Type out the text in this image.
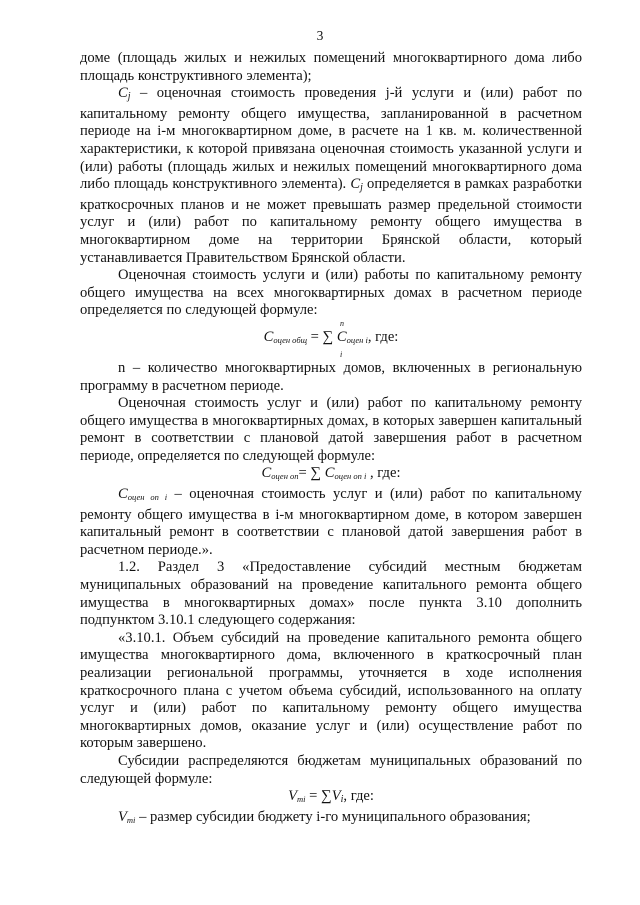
3

доме (площадь жилых и нежилых помещений многоквартирного дома либо площадь конструктивного элемента);

Cj – оценочная стоимость проведения j-й услуги и (или) работ по капитальному ремонту общего имущества, запланированной в расчетном периоде на i-м многоквартирном доме, в расчете на 1 кв. м. количественной характеристики, к которой привязана оценочная стоимость указанной услуги и (или) работы (площадь жилых и нежилых помещений многоквартирного дома либо площадь конструктивного элемента). Cj определяется в рамках разработки краткосрочных планов и не может превышать размер предельной стоимости услуг и (или) работ по капитальному ремонту общего имущества в многоквартирном доме на территории Брянской области, который устанавливается Правительством Брянской области.

Оценочная стоимость услуги и (или) работы по капитальному ремонту общего имущества на всех многоквартирных домах в расчетном периоде определяется по следующей формуле:

n
$C_{оцен общ}$ = ∑ $C_{оцен i}$, где:
i

n – количество многоквартирных домов, включенных в региональную программу в расчетном периоде.

Оценочная стоимость услуг и (или) работ по капитальному ремонту общего имущества в многоквартирных домах, в которых завершен капитальный ремонт в соответствии с плановой датой завершения работ в расчетном периоде, определяется по следующей формуле:

$C_{оцен оп}=$ ∑ $C_{оцен оп i}$ , где:

$C_{оцен оп i}$ – оценочная стоимость услуг и (или) работ по капитальному ремонту общего имущества в i-м многоквартирном доме, в котором завершен капитальный ремонт в соответствии с плановой датой завершения работ в расчетном периоде.».

1.2. Раздел 3 «Предоставление субсидий местным бюджетам муниципальных образований на проведение капитального ремонта общего имущества в многоквартирных домах» после пункта 3.10 дополнить подпунктом 3.10.1 следующего содержания:

«3.10.1. Объем субсидий на проведение капитального ремонта общего имущества многоквартирного дома, включенного в краткосрочный план реализации региональной программы, уточняется в ходе исполнения краткосрочного плана с учетом объема субсидий, использованного на оплату услуг и (или) работ по капитальному ремонту общего имущества многоквартирных домов, оказание услуг и (или) осуществление работ по которым завершено.

Субсидии распределяются бюджетам муниципальных образований по следующей формуле:

$V_{mi} = \sum Vi$, где:

$V_{mi}$ – размер субсидии бюджету i-го муниципального образования;
